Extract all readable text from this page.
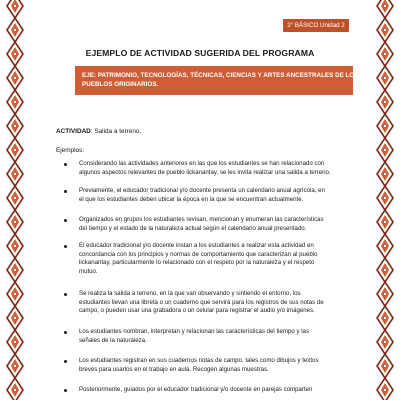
2° BÁSICO Unidad 2
EJEMPLO DE ACTIVIDAD SUGERIDA DEL PROGRAMA
EJE: PATRIMONIO, TECNOLOGÍAS, TÉCNICAS, CIENCIAS Y ARTES ANCESTRALES DE LOS
PUEBLOS ORIGINARIOS.
ACTIVIDAD: Salida a terreno.
Ejemplos:
Considerando las actividades anteriores en las que los estudiantes se han relacionado con
algunos aspectos relevantes de pueblo lickanantay, se les invita realizar una salida a terreno.
Previamente, el educador tradicional y/o docente presenta un calendario anual agrícola, en
el que los estudiantes deben ubicar la época en la que se encuentran actualmente.
Organizados en grupos los estudiantes revisan, mencionan y enumeran las características
del tiempo y el estado de la naturaleza actual según el calendario anual presentado.
El educador tradicional y/o docente instan a los estudiantes a realizar esta actividad en
concordancia con los principios y normas de comportamiento que caracterizan al pueblo
lickanantay, particularmente lo relacionado con el respeto por la naturaleza y el respeto
mutuo.
Se realiza la salida a terreno, en la que van observando y sintiendo el entorno, los
estudiantes llevan una libreta o un cuaderno que servirá para los registros de sus notas de
campo, o pueden usar una grabadora o un celular para registrar el audio y/o imágenes.
Los estudiantes nombran, interpretan y relacionan las características del tiempo y las
señales de la naturaleza.
Los estudiantes registran en sus cuadernos notas de campo, tales como dibujos y textos
breves para usarlos en el trabajo en aula. Recogen algunas muestras.
Posteriormente, guiados por el educador tradicional y/o docente en parejas comparten
